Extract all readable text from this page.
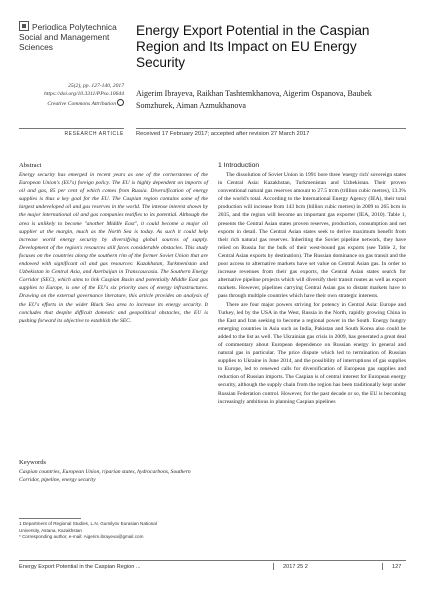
Periodica Polytechnica
Social and Management
Sciences
25(2), pp. 127-140, 2017
https://doi.org/10.3311/PPso.10644
Creative Commons Attribution
RESEARCH ARTICLE
Energy Export Potential in the Caspian Region and Its Impact on EU Energy Security
Aigerim Ibrayeva, Raikhan Tashtemkhanova, Aigerim Ospanova, Baubek Somzhurek, Aiman Azmukhanova
Received 17 February 2017; accepted after revision 27 March 2017
Abstract
Energy security has emerged in recent years as one of the cornerstones of the European Union's (EU's) foreign policy. The EU is highly dependent on imports of oil and gas, 85 per cent of which comes from Russia. Diversification of energy supplies is thus a key goal for the EU. The Caspian region contains some of the largest undeveloped oil and gas reserves in the world. The intense interest shown by the major international oil and gas companies testifies to its potential. Although the area is unlikely to become "another Middle East", it could become a major oil supplier at the margin, much as the North Sea is today. As such it could help increase world energy security by diversifying global sources of supply. Development of the region's resources still faces considerable obstacles. This study focuses on the countries along the southern rim of the former Soviet Union that are endowed with significant oil and gas resources: Kazakhstan, Turkmenistan and Uzbekistan in Central Asia, and Azerbaijan in Transcaucasia. The Southern Energy Corridor (SEC), which aims to link Caspian Basin and potentially Middle East gas supplies to Europe, is one of the EU's six priority axes of energy infrastructures. Drawing on the external governance literature, this article provides an analysis of the EU's efforts in the wider Black Sea area to increase its energy security. It concludes that despite difficult domestic and geopolitical obstacles, the EU is pushing forward its objective to establish the SEC.
Keywords
Caspian countries, European Union, riparian states, hydrocarbons, Southern Corridor, pipeline, energy security
1 Department of Regional Studies, L.N. Gumilyov Eurasian National University, Astana, Kazakhstan
* Corresponding author, e-mail: Aigerim.ibrayeva@gmail.com
1 Introduction

The dissolution of Soviet Union in 1991 bore three 'energy rich' sovereign states in Central Asia: Kazakhstan, Turkmenistan and Uzbekistan. Their proven conventional natural gas reserves amount to 27.5 trcm (trillion cubic metres), 13.3% of the world's total. According to the International Energy Agency (IEA), their total production will increase from 143 bcm (billion cubic metres) in 2009 to 265 bcm in 2035, and the region will become an important gas exporter (IEA, 2010). Table 1, presents the Central Asian states proven reserves, production, consumption and net exports in detail. The Central Asian states seek to derive maximum benefit from their rich natural gas reserves. Inheriting the Soviet pipeline network, they have relied on Russia for the bulk of their west-bound gas exports (see Table 2, for Central Asian exports by destination). The Russian dominance on gas transit and the poor access to alternative markets have set value on Central Asian gas. In order to increase revenues from their gas exports, the Central Asian states search for alternative pipeline projects which will diversify their transit routes as well as export markets. However, pipelines carrying Central Asian gas to distant markets have to pass through multiple countries which have their own strategic interests.

There are four major powers striving for potency in Central Asia: Europe and Turkey, led by the USA in the West, Russia in the North, rapidly growing China in the East and Iran seeking to become a regional power in the South. Energy hungry emerging countries in Asia such as India, Pakistan and South Korea also could be added to the list as well. The Ukrainian gas crisis in 2009, has generated a great deal of commentary about European dependence on Russian energy in general and natural gas in particular. The price dispute which led to termination of Russian supplies to Ukraine in June 2014, and the possibility of interruptions of gas supplies to Europe, led to renewed calls for diversification of European gas supplies and reduction of Russian imports. The Caspian is of central interest for European energy security, although the supply chain from the region has been traditionally kept under Russian Federation control. However, for the past decade or so, the EU is becoming increasingly ambitious in planning Caspian pipelines

Energy Export Potential in the Caspian Region ...	2017 25 2	127
